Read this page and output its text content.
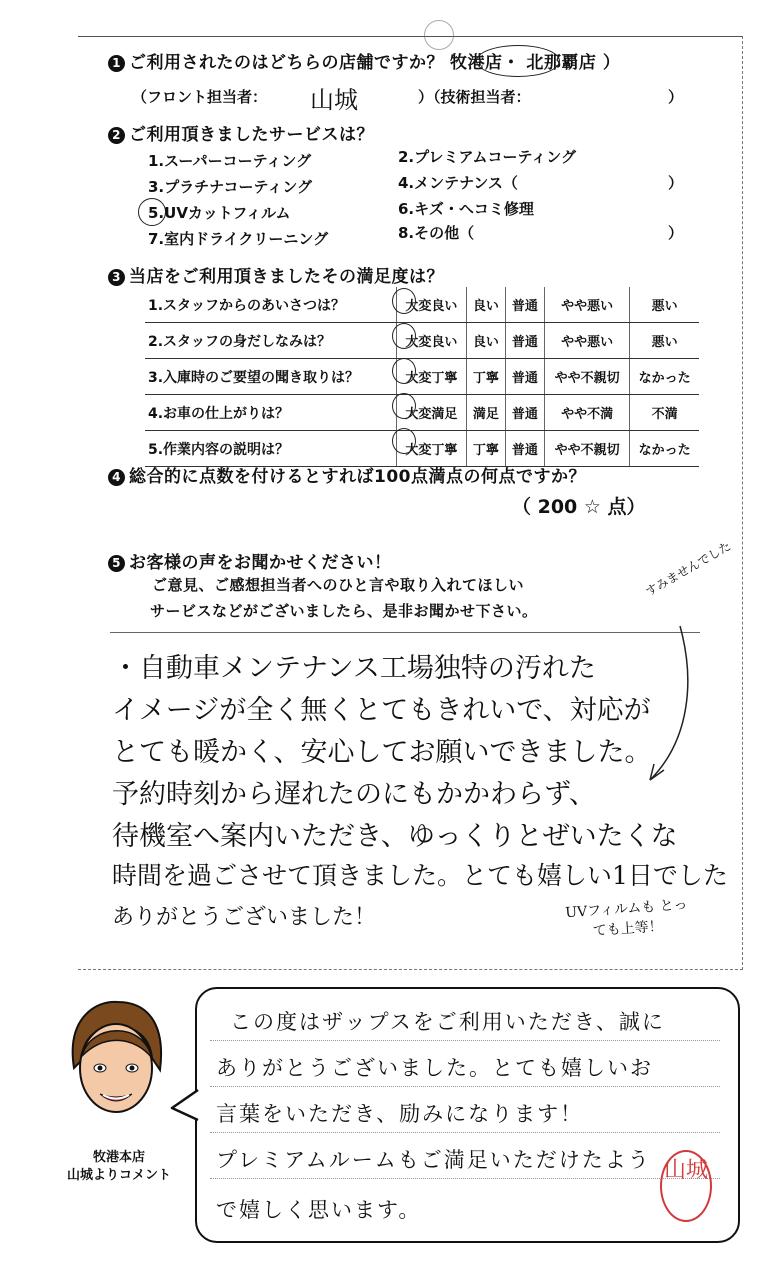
1 ご利用されたのはどちらの店舗ですか？ 牧港店・ 北那覇店 ）
（フロント担当者： 山城	）（技術担当者：	）
2 ご利用頂きましたサービスは？
1.スーパーコーティング	2.プレミアムコーティング
3.プラチナコーティング	4.メンテナンス（	）
5.UVカットフィルム	6.キズ・ヘコミ修理
7.室内ドライクリーニング	8.その他（	）
3 当店をご利用頂きましたその満足度は？
1.スタッフからのあいさつは？	大変良い	良い	普通	やや悪い	悪い
2.スタッフの身だしなみは？	大変良い	良い	普通	やや悪い	悪い
3.入庫時のご要望の聞き取りは？	大変丁寧	丁寧	普通	やや不親切	なかった
4.お車の仕上がりは？	大変満足	満足	普通	やや不満	不満
5.作業内容の説明は？	大変丁寧	丁寧	普通	やや不親切	なかった
4 総合的に点数を付けるとすれば100点満点の何点ですか？
（ 200 ☆ 点）
5 お客様の声をお聞かせください！
ご意見、ご感想担当者へのひと言や取り入れてほしい
サービスなどがございましたら、是非お聞かせ下さい。
すみませんでした
・自動車メンテナンス工場独特の汚れた
イメージが全く無くとてもきれいで、対応が
とても暖かく、安心してお願いできました。
予約時刻から遅れたのにもかかわらず、
待機室へ案内いただき、ゆっくりとぜいたくな
時間を過ごさせて頂きました。とても嬉しい1日でした
ありがとうございました！	UVフィルムも とっても上等！
牧港本店
山城よりコメント
この度はザップスをご利用いただき、誠に
ありがとうございました。とても嬉しいお
言葉をいただき、励みになります！
プレミアムルームもご満足いただけたよう
で嬉しく思います。
山城
